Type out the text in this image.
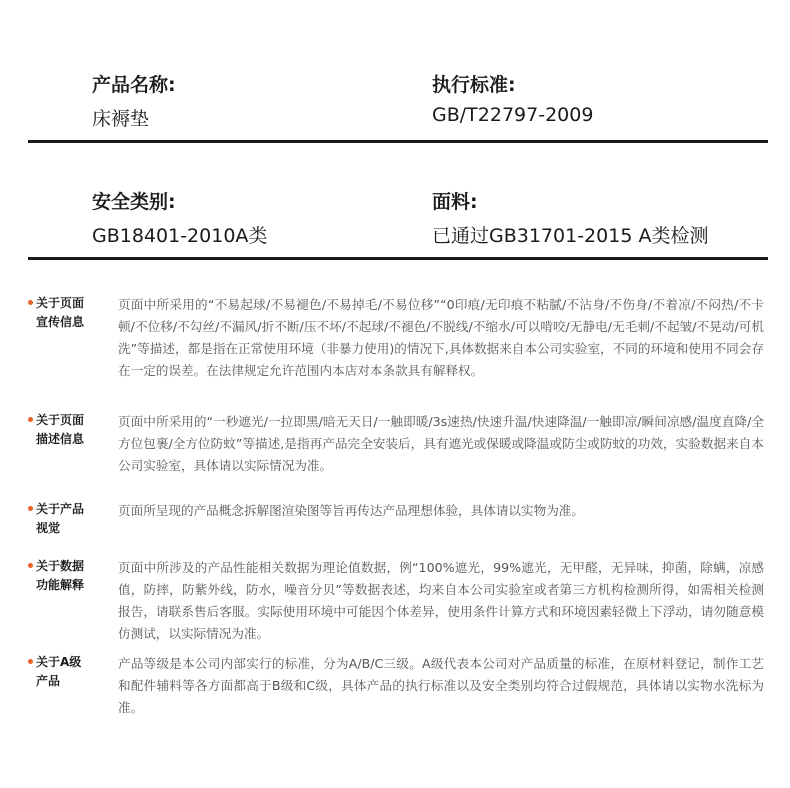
产品名称:
床褥垫
执行标准:
GB/T22797-2009
安全类别:
GB18401-2010A类
面料:
已通过GB31701-2015 A类检测
关于页面
宣传信息
页面中所采用的“不易起球/不易褪色/不易掉毛/不易位移”“0印痕/无印痕不粘腻/不沾身/不伤身/不着凉/不闷热/不卡顿/不位移/不勾丝/不漏风/折不断/压不坏/不起球/不褪色/不脱线/不缩水/可以啃咬/无静电/无毛刺/不起皱/不晃动/可机洗”等描述，都是指在正常使用环境（非暴力使用)的情况下,具体数据来自本公司实验室，不同的环境和使用不同会存在一定的误差。在法律规定允许范围内本店对本条款具有解释权。
关于页面
描述信息
页面中所采用的“一秒遮光/一拉即黑/暗无天日/一触即暖/3s速热/快速升温/快速降温/一触即凉/瞬间凉感/温度直降/全方位包裹/全方位防蚊”等描述,是指再产品完全安装后，具有遮光或保暖或降温或防尘或防蚊的功效，实验数据来自本公司实验室，具体请以实际情况为准。
关于产品
视觉
页面所呈现的产品概念拆解图渲染图等旨再传达产品理想体验，具体请以实物为准。
关于数据
功能解释
页面中所涉及的产品性能相关数据为理论值数据，例“100%遮光，99%遮光，无甲醛，无异味，抑菌，除螨，凉感值，防摔，防紫外线，防水，噪音分贝”等数据表述，均来自本公司实验室或者第三方机构检测所得，如需相关检测报告，请联系售后客服。实际使用环境中可能因个体差异，使用条件计算方式和环境因素轻微上下浮动，请勿随意模仿测试，以实际情况为准。
关于A级
产品
产品等级是本公司内部实行的标准，分为A/B/C三级。A级代表本公司对产品质量的标准，在原材料登记，制作工艺和配件辅料等各方面都高于B级和C级，具体产品的执行标准以及安全类别均符合过假规范，具体请以实物水洗标为准。
